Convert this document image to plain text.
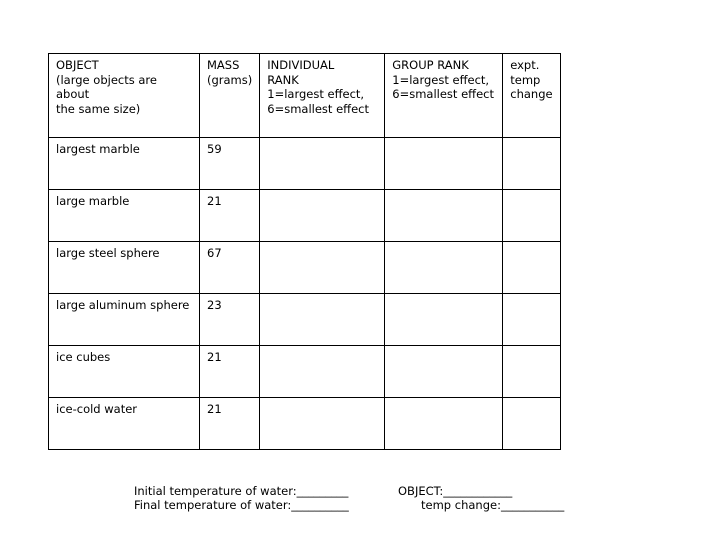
OBJECT
(large objects are about
the same size)	MASS
(grams)	INDIVIDUAL
RANK
1=largest effect,
6=smallest effect	GROUP RANK
1=largest effect,
6=smallest effect	expt.
temp
change
largest marble	59			
large marble	21			
large steel sphere	67			
large aluminum sphere	23			
ice cubes	21			
ice-cold water	21			
Initial temperature of water:_________
Final temperature of water:__________
OBJECT:____________
temp change:___________
